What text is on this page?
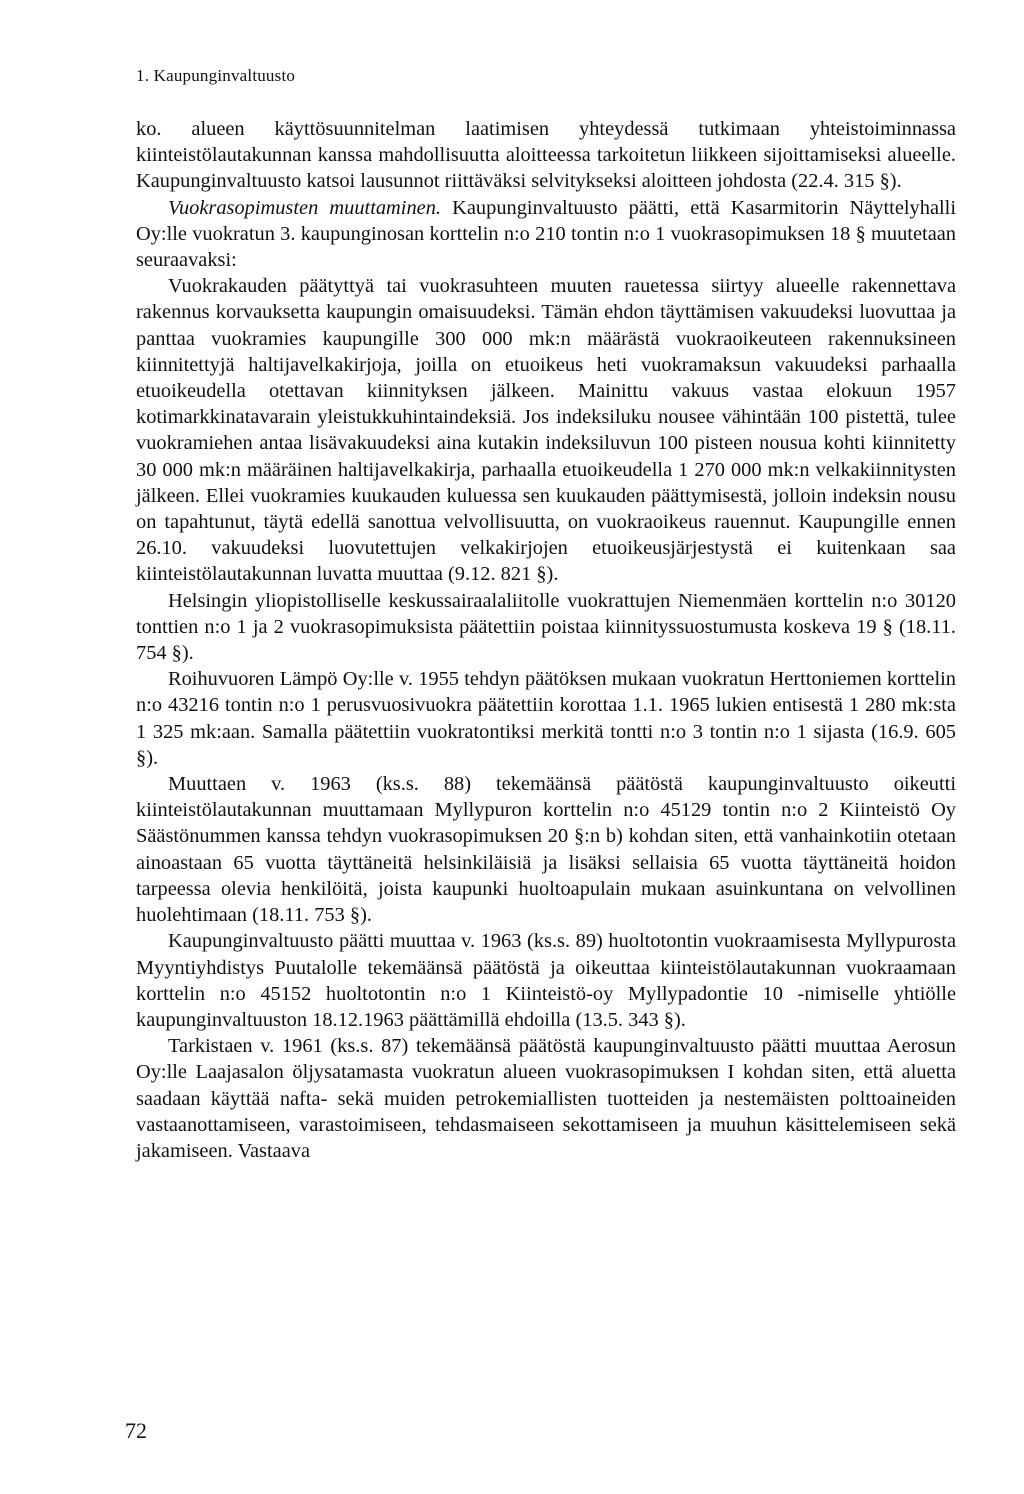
1. Kaupunginvaltuusto

ko. alueen käyttösuunnitelman laatimisen yhteydessä tutkimaan yhteistoiminnassa kiinteistölautakunnan kanssa mahdollisuutta aloitteessa tarkoitetun liikkeen sijoittamiseksi alueelle. Kaupunginvaltuusto katsoi lausunnot riittäväksi selvitykseksi aloitteen johdosta (22.4. 315 §).

Vuokrasopimusten muuttaminen. Kaupunginvaltuusto päätti, että Kasarmitorin Näyttelyhalli Oy:lle vuokratun 3. kaupunginosan korttelin n:o 210 tontin n:o 1 vuokrasopimuksen 18 § muutetaan seuraavaksi:

Vuokrakauden päätyttyä tai vuokrasuhteen muuten rauetessa siirtyy alueelle rakennettava rakennus korvauksetta kaupungin omaisuudeksi. Tämän ehdon täyttämisen vakuudeksi luovuttaa ja panttaa vuokramies kaupungille 300 000 mk:n määrästä vuokraoikeuteen rakennuksineen kiinnitettyjä haltijavelkakirjoja, joilla on etuoikeus heti vuokramaksun vakuudeksi parhaalla etuoikeudella otettavan kiinnityksen jälkeen. Mainittu vakuus vastaa elokuun 1957 kotimarkkinatavarain yleistukkuhintaindeksiä. Jos indeksiluku nousee vähintään 100 pistettä, tulee vuokramiehen antaa lisävakuudeksi aina kutakin indeksiluvun 100 pisteen nousua kohti kiinnitetty 30 000 mk:n määräinen haltijavelkakirja, parhaalla etuoikeudella 1 270 000 mk:n velkakiinnitysten jälkeen. Ellei vuokramies kuukauden kuluessa sen kuukauden päättymisestä, jolloin indeksin nousu on tapahtunut, täytä edellä sanottua velvollisuutta, on vuokraoikeus rauennut. Kaupungille ennen 26.10. vakuudeksi luovutettujen velkakirjojen etuoikeusjärjestystä ei kuitenkaan saa kiinteistölautakunnan luvatta muuttaa (9.12. 821 §).

Helsingin yliopistolliselle keskussairaalaliitolle vuokrattujen Niemenmäen korttelin n:o 30120 tonttien n:o 1 ja 2 vuokrasopimuksista päätettiin poistaa kiinnityssuostumusta koskeva 19 § (18.11. 754 §).

Roihuvuoren Lämpö Oy:lle v. 1955 tehdyn päätöksen mukaan vuokratun Herttoniemen korttelin n:o 43216 tontin n:o 1 perusvuosivuokra päätettiin korottaa 1.1. 1965 lukien entisestä 1 280 mk:sta 1 325 mk:aan. Samalla päätettiin vuokratontiksi merkitä tontti n:o 3 tontin n:o 1 sijasta (16.9. 605 §).

Muuttaen v. 1963 (ks.s. 88) tekemäänsä päätöstä kaupunginvaltuusto oikeutti kiinteistölautakunnan muuttamaan Myllypuron korttelin n:o 45129 tontin n:o 2 Kiinteistö Oy Säästönummen kanssa tehdyn vuokrasopimuksen 20 §:n b) kohdan siten, että vanhainkotiin otetaan ainoastaan 65 vuotta täyttäneitä helsinkiläisiä ja lisäksi sellaisia 65 vuotta täyttäneitä hoidon tarpeessa olevia henkilöitä, joista kaupunki huoltoapulain mukaan asuinkuntana on velvollinen huolehtimaan (18.11. 753 §).

Kaupunginvaltuusto päätti muuttaa v. 1963 (ks.s. 89) huoltotontin vuokraamisesta Myllypurosta Myyntiyhdistys Puutalolle tekemäänsä päätöstä ja oikeuttaa kiinteistölautakunnan vuokraamaan korttelin n:o 45152 huoltotontin n:o 1 Kiinteistö-oy Myllypadontie 10 -nimiselle yhtiölle kaupunginvaltuuston 18.12.1963 päättämillä ehdoilla (13.5. 343 §).

Tarkistaen v. 1961 (ks.s. 87) tekemäänsä päätöstä kaupunginvaltuusto päätti muuttaa Aerosun Oy:lle Laajasalon öljysatamasta vuokratun alueen vuokrasopimuksen I kohdan siten, että aluetta saadaan käyttää nafta- sekä muiden petrokemiallisten tuotteiden ja nestemäisten polttoaineiden vastaanottamiseen, varastoimiseen, tehdasmaiseen sekottamiseen ja muuhun käsittelemiseen sekä jakamiseen. Vastaava

72
